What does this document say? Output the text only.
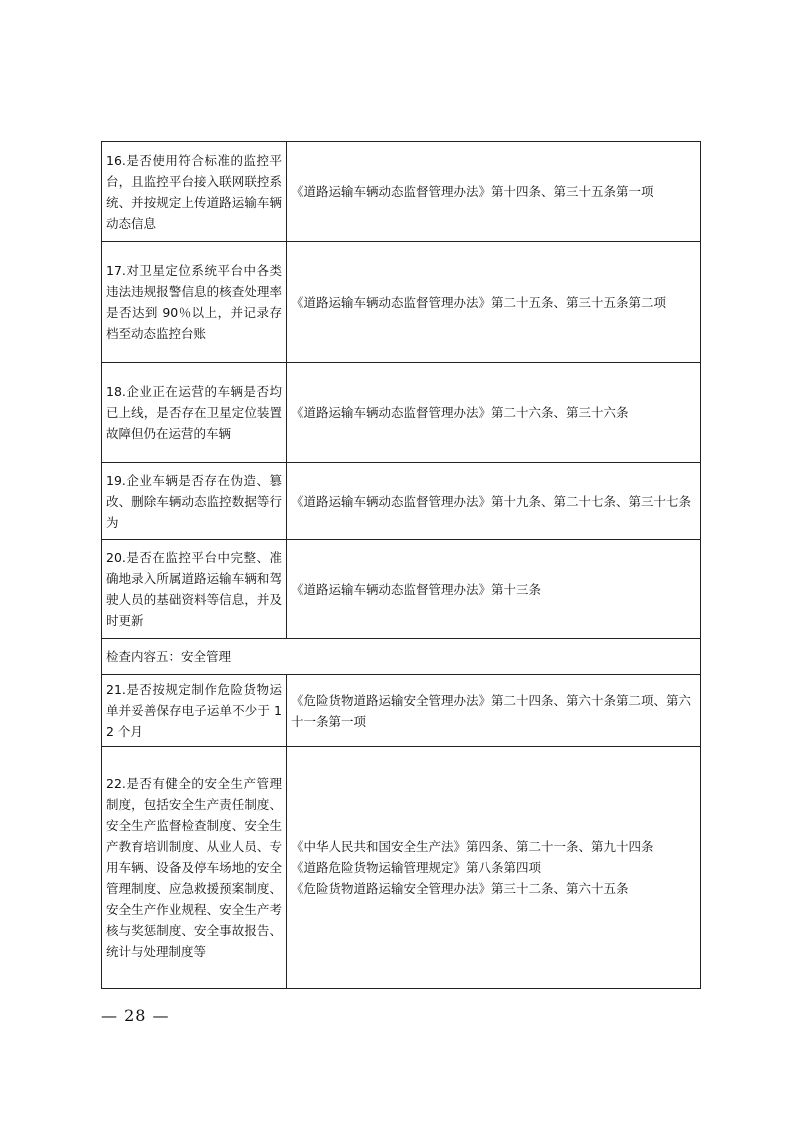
16.是否使用符合标准的监控平台，且监控平台接入联网联控系统、并按规定上传道路运输车辆动态信息	《道路运输车辆动态监督管理办法》第十四条、第三十五条第一项

17.对卫星定位系统平台中各类违法违规报警信息的核查处理率是否达到 90％以上，并记录存档至动态监控台账	《道路运输车辆动态监督管理办法》第二十五条、第三十五条第二项

18.企业正在运营的车辆是否均已上线，是否存在卫星定位装置故障但仍在运营的车辆	《道路运输车辆动态监督管理办法》第二十六条、第三十六条

19.企业车辆是否存在伪造、篡改、删除车辆动态监控数据等行为	《道路运输车辆动态监督管理办法》第十九条、第二十七条、第三十七条

20.是否在监控平台中完整、准确地录入所属道路运输车辆和驾驶人员的基础资料等信息，并及时更新	《道路运输车辆动态监督管理办法》第十三条

检查内容五：安全管理	
21.是否按规定制作危险货物运单并妥善保存电子运单不少于 12 个月	《危险货物道路运输安全管理办法》第二十四条、第六十条第二项、第六十一条第一项

22.是否有健全的安全生产管理制度，包括安全生产责任制度、安全生产监督检查制度、安全生产教育培训制度、从业人员、专用车辆、设备及停车场地的安全管理制度、应急救援预案制度、安全生产作业规程、安全生产考核与奖惩制度、安全事故报告、统计与处理制度等	《中华人民共和国安全生产法》第四条、第二十一条、第九十四条
《道路危险货物运输管理规定》第八条第四项
《危险货物道路运输安全管理办法》第三十二条、第六十五条
— 28 —
